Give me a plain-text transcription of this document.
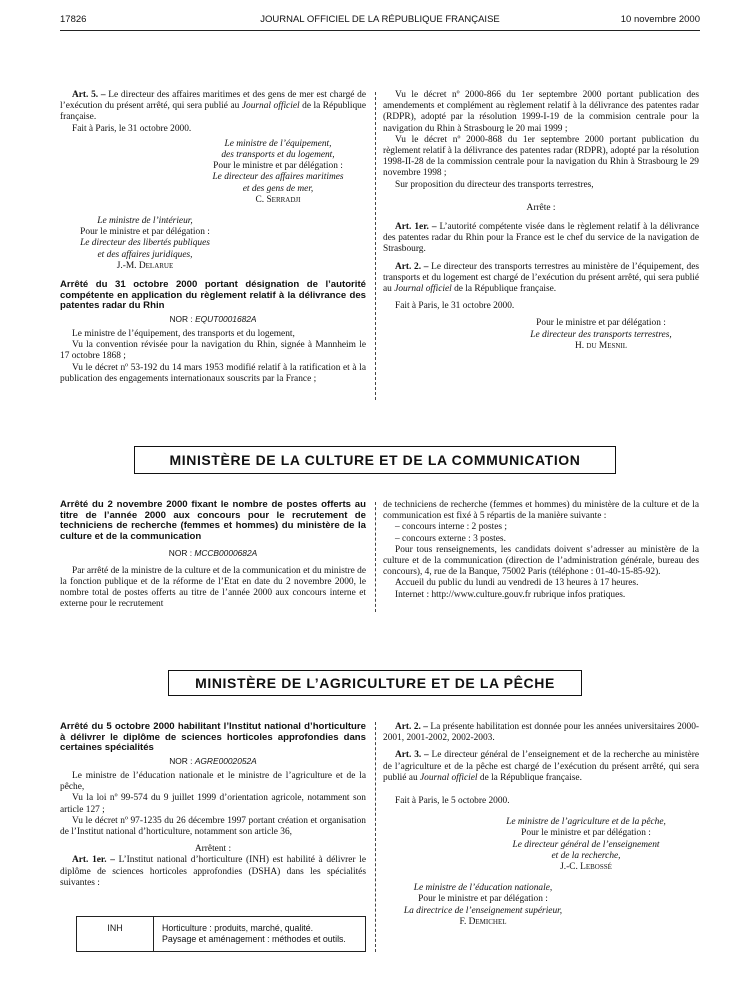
17826	JOURNAL OFFICIEL DE LA RÉPUBLIQUE FRANÇAISE	10 novembre 2000

Art. 5. – Le directeur des affaires maritimes et des gens de mer est chargé de l’exécution du présent arrêté, qui sera publié au Journal officiel de la République française.

Fait à Paris, le 31 octobre 2000.

Le ministre de l’équipement,
des transports et du logement,
Pour le ministre et par délégation :
Le directeur des affaires maritimes
et des gens de mer,
C. Serradji
Le ministre de l’intérieur,
Pour le ministre et par délégation :
Le directeur des libertés publiques
et des affaires juridiques,
J.-M. Delarue

Arrêté du 31 octobre 2000 portant désignation de l’autorité compétente en application du règlement relatif à la délivrance des patentes radar du Rhin

NOR : EQUT0001682A

Le ministre de l’équipement, des transports et du logement,

Vu la convention révisée pour la navigation du Rhin, signée à Mannheim le 17 octobre 1868 ;

Vu le décret nº 53-192 du 14 mars 1953 modifié relatif à la ratification et à la publication des engagements internationaux souscrits par la France ;

Vu le décret nº 2000-866 du 1er septembre 2000 portant publication des amendements et complément au règlement relatif à la délivrance des patentes radar (RDPR), adopté par la résolution 1999-I-19 de la commision centrale pour la navigation du Rhin à Strasbourg le 20 mai 1999 ;

Vu le décret nº 2000-868 du 1er septembre 2000 portant publication du règlement relatif à la délivrance des patentes radar (RDPR), adopté par la résolution 1998-II-28 de la commission centrale pour la navigation du Rhin à Strasbourg le 29 novembre 1998 ;

Sur proposition du directeur des transports terrestres,

Arrête :

Art. 1er. – L’autorité compétente visée dans le règlement relatif à la délivrance des patentes radar du Rhin pour la France est le chef du service de la navigation de Strasbourg.

Art. 2. – Le directeur des transports terrestres au ministère de l’équipement, des transports et du logement est chargé de l’exécution du présent arrêté, qui sera publié au Journal officiel de la République française.

Fait à Paris, le 31 octobre 2000.

Pour le ministre et par délégation :
Le directeur des transports terrestres,
H. du Mesnil
MINISTÈRE DE LA CULTURE ET DE LA COMMUNICATION

Arrêté du 2 novembre 2000 fixant le nombre de postes offerts au titre de l’année 2000 aux concours pour le recrutement de techniciens de recherche (femmes et hommes) du ministère de la culture et de la communication

NOR : MCCB0000682A

Par arrêté de la ministre de la culture et de la communication et du ministre de la fonction publique et de la réforme de l’Etat en date du 2 novembre 2000, le nombre total de postes offerts au titre de l’année 2000 aux concours interne et externe pour le recrutement

de techniciens de recherche (femmes et hommes) du ministère de la culture et de la communication est fixé à 5 répartis de la manière suivante :

– concours interne : 2 postes ;

– concours externe : 3 postes.

Pour tous renseignements, les candidats doivent s’adresser au ministère de la culture et de la communication (direction de l’administration générale, bureau des concours), 4, rue de la Banque, 75002 Paris (téléphone : 01-40-15-85-92).

Accueil du public du lundi au vendredi de 13 heures à 17 heures.

Internet : http://www.culture.gouv.fr rubrique infos pratiques.

MINISTÈRE DE L’AGRICULTURE ET DE LA PÊCHE

Arrêté du 5 octobre 2000 habilitant l’Institut national d’horticulture à délivrer le diplôme de sciences horticoles approfondies dans certaines spécialités

NOR : AGRE0002052A

Le ministre de l’éducation nationale et le ministre de l’agriculture et de la pêche,

Vu la loi nº 99-574 du 9 juillet 1999 d’orientation agricole, notamment son article 127 ;

Vu le décret nº 97-1235 du 26 décembre 1997 portant création et organisation de l’Institut national d’horticulture, notamment son article 36,

Arrêtent :

Art. 1er. – L’Institut national d’horticulture (INH) est habilité à délivrer le diplôme de sciences horticoles approfondies (DSHA) dans les spécialités suivantes :

INH	Horticulture : produits, marché, qualité.
Paysage et aménagement : méthodes et outils.

Art. 2. – La présente habilitation est donnée pour les années universitaires 2000-2001, 2001-2002, 2002-2003.

Art. 3. – Le directeur général de l’enseignement et de la recherche au ministère de l’agriculture et de la pêche est chargé de l’exécution du présent arrêté, qui sera publié au Journal officiel de la République française.

Fait à Paris, le 5 octobre 2000.

Le ministre de l’agriculture et de la pêche,
Pour le ministre et par délégation :
Le directeur général de l’enseignement
et de la recherche,
J.-C. Lebossé
Le ministre de l’éducation nationale,
Pour le ministre et par délégation :
La directrice de l’enseignement supérieur,
F. Demichel
